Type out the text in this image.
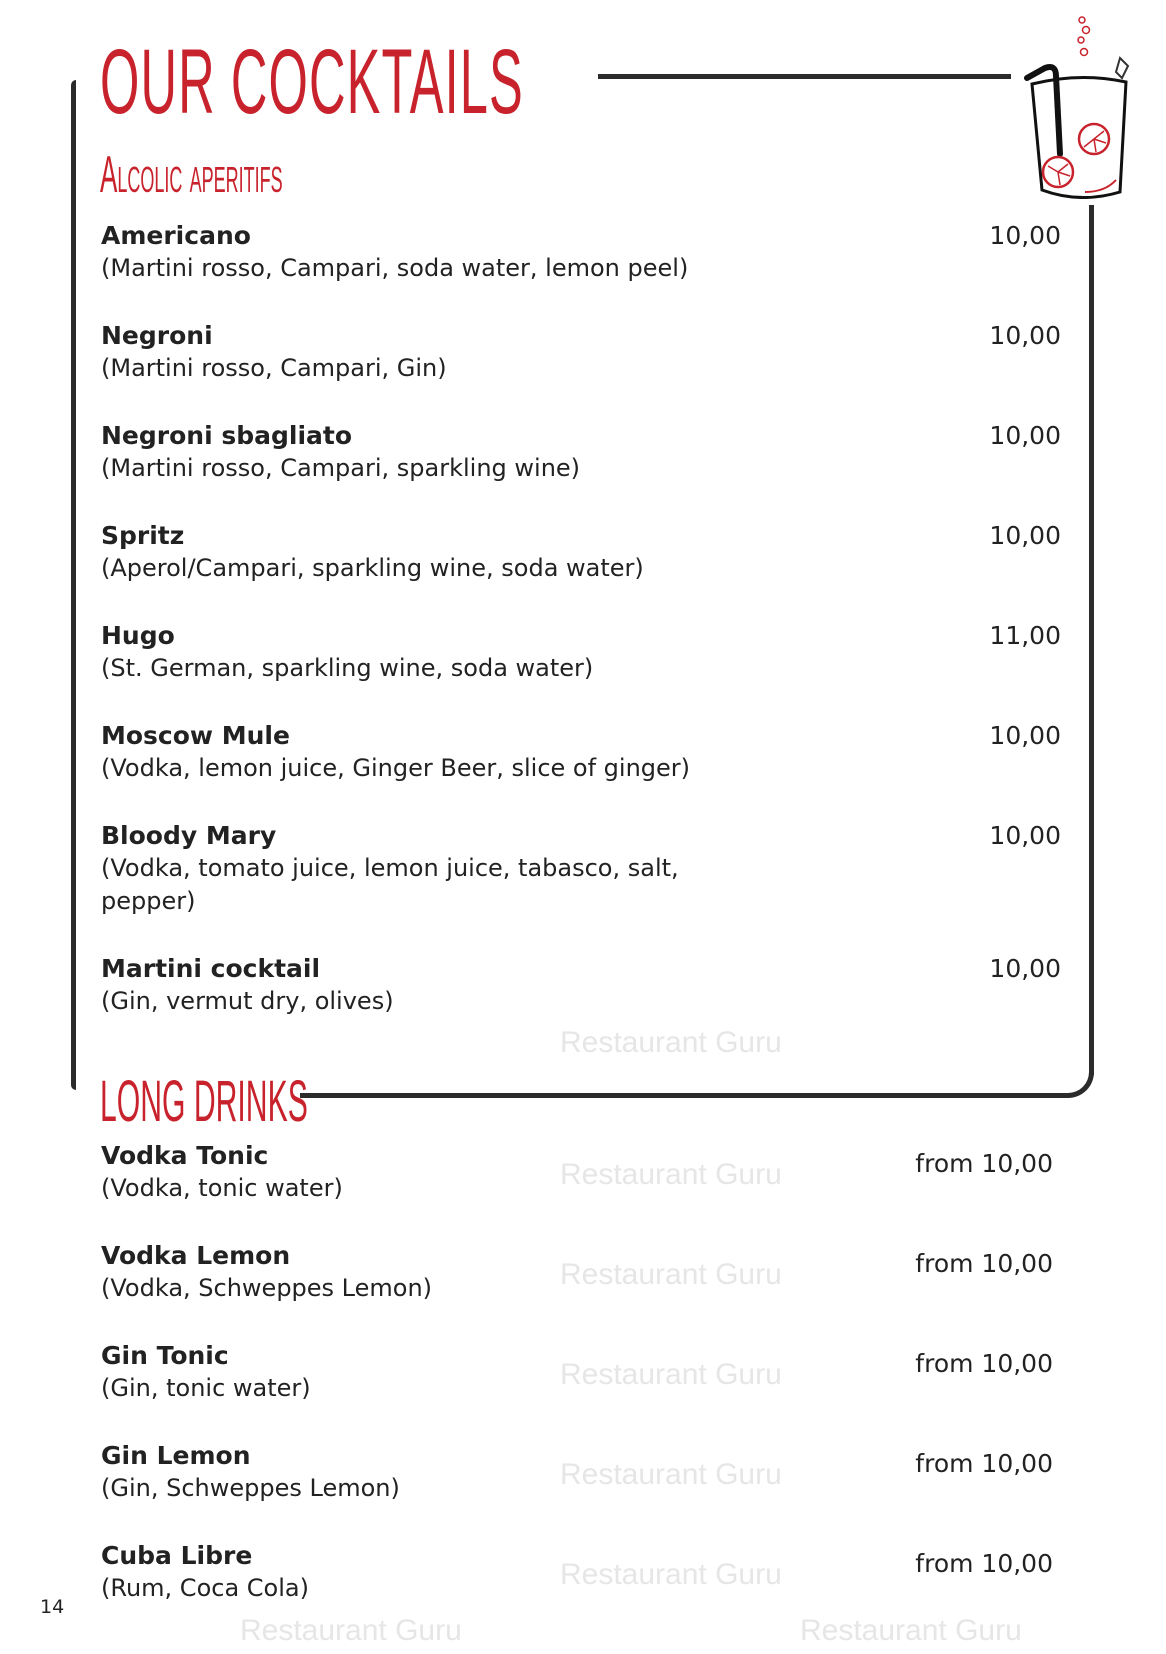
Restaurant Guru
Restaurant Guru
Restaurant Guru
Restaurant Guru
Restaurant Guru
Restaurant Guru
Restaurant Guru	Restaurant Guru
OUR COCKTAILS
Alcolic aperitifs
Americano
(Martini rosso, Campari, soda water, lemon peel)
10,00
Negroni
(Martini rosso, Campari, Gin)
10,00
Negroni sbagliato
(Martini rosso, Campari, sparkling wine)
10,00
Spritz
(Aperol/Campari, sparkling wine, soda water)
10,00
Hugo
(St. German, sparkling wine, soda water)
11,00
Moscow Mule
(Vodka, lemon juice, Ginger Beer, slice of ginger)
10,00
Bloody Mary
(Vodka, tomato juice, lemon juice, tabasco, salt, pepper)
10,00
Martini cocktail
(Gin, vermut dry, olives)
10,00
LONG DRINKS
Vodka Tonic
(Vodka, tonic water)
from 10,00
Vodka Lemon
(Vodka, Schweppes Lemon)
from 10,00
Gin Tonic
(Gin, tonic water)
from 10,00
Gin Lemon
(Gin, Schweppes Lemon)
from 10,00
Cuba Libre
(Rum, Coca Cola)
from 10,00
14
